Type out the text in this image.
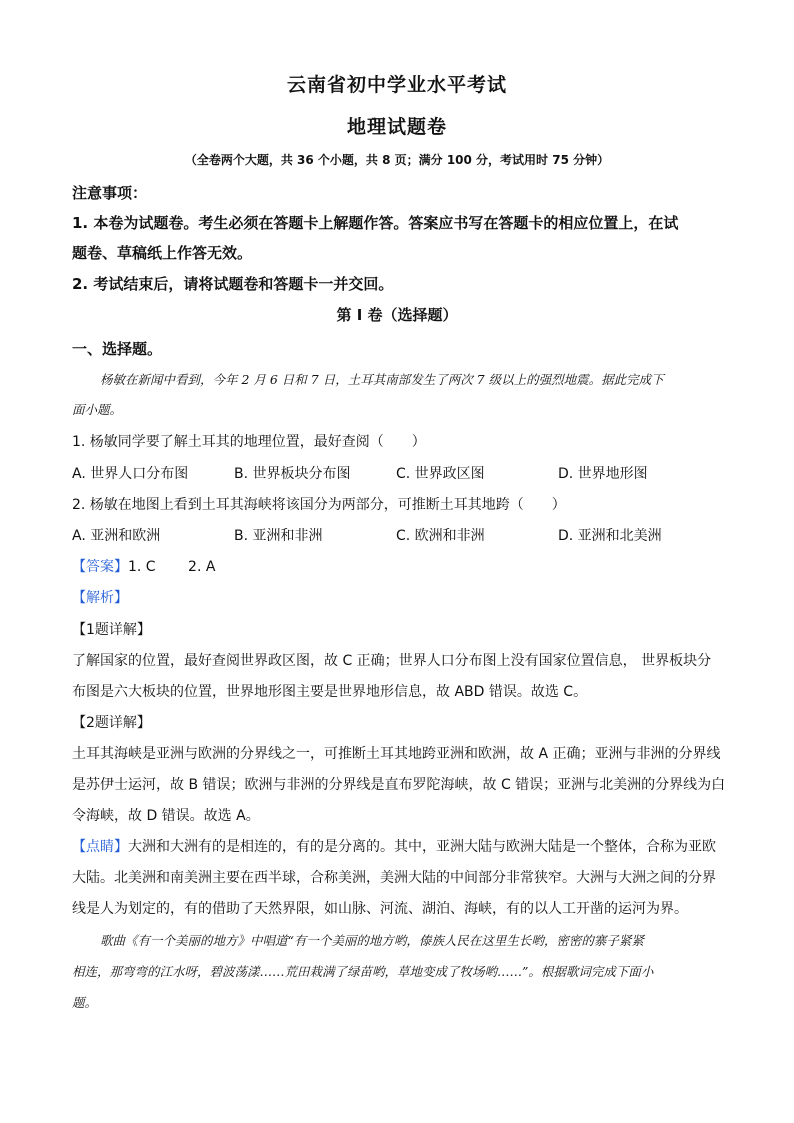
云南省初中学业水平考试
地理试题卷
（全卷两个大题，共 36 个小题，共 8 页；满分 100 分，考试用时 75 分钟）
注意事项：
1. 本卷为试题卷。考生必须在答题卡上解题作答。答案应书写在答题卡的相应位置上，在试
题卷、草稿纸上作答无效。
2. 考试结束后，请将试题卷和答题卡一并交回。
第 I 卷（选择题）
一、选择题。
杨敏在新闻中看到，今年 2 月 6 日和 7 日，土耳其南部发生了两次 7 级以上的强烈地震。据此完成下
面小题。
1. 杨敏同学要了解土耳其的地理位置，最好查阅（　　）
A. 世界人口分布图	B. 世界板块分布图	C. 世界政区图	D. 世界地形图
2. 杨敏在地图上看到土耳其海峡将该国分为两部分，可推断土耳其地跨（　　）
A. 亚洲和欧洲	B. 亚洲和非洲	C. 欧洲和非洲	D. 亚洲和北美洲
【答案】1. C　　 2. A
【解析】
【1题详解】
了解国家的位置，最好查阅世界政区图，故 C 正确；世界人口分布图上没有国家位置信息， 世界板块分
布图是六大板块的位置，世界地形图主要是世界地形信息，故 ABD 错误。故选 C。
【2题详解】
土耳其海峡是亚洲与欧洲的分界线之一，可推断土耳其地跨亚洲和欧洲，故 A 正确；亚洲与非洲的分界线
是苏伊士运河，故 B 错误；欧洲与非洲的分界线是直布罗陀海峡，故 C 错误；亚洲与北美洲的分界线为白
令海峡，故 D 错误。故选 A。
【点睛】大洲和大洲有的是相连的，有的是分离的。其中，亚洲大陆与欧洲大陆是一个整体，合称为亚欧
大陆。北美洲和南美洲主要在西半球，合称美洲，美洲大陆的中间部分非常狭窄。大洲与大洲之间的分界
线是人为划定的，有的借助了天然界限，如山脉、河流、湖泊、海峡，有的以人工开凿的运河为界。
歌曲《有一个美丽的地方》中唱道“有一个美丽的地方哟，傣族人民在这里生长哟，密密的寨子紧紧
相连，那弯弯的江水呀，碧波荡漾……荒田栽满了绿苗哟，草地变成了牧场哟……”。根据歌词完成下面小
题。
